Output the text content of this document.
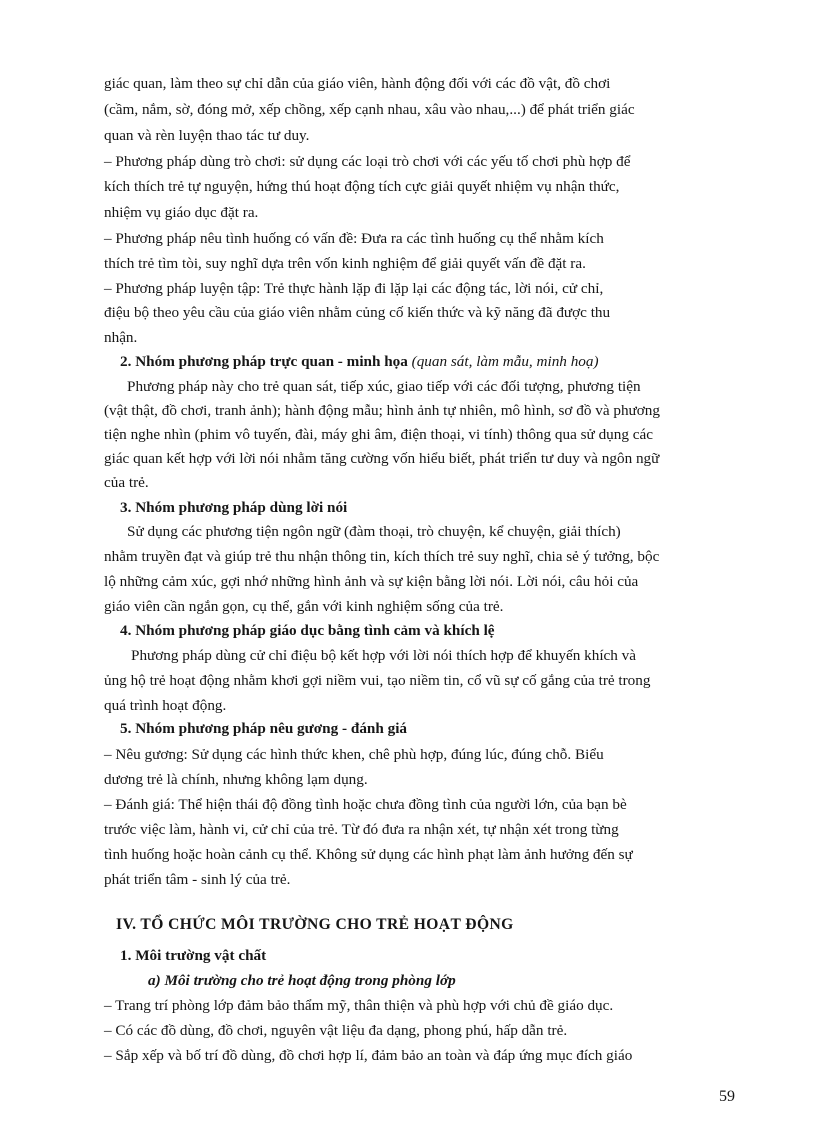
giác quan, làm theo sự chỉ dẫn của giáo viên, hành động đối với các đồ vật, đồ chơi

(cầm, nắm, sờ, đóng mở, xếp chồng, xếp cạnh nhau, xâu vào nhau,...) để phát triển giác

quan và rèn luyện thao tác tư duy.

– Phương pháp dùng trò chơi: sử dụng các loại trò chơi với các yếu tố chơi phù hợp để

kích thích trẻ tự nguyện, hứng thú hoạt động tích cực giải quyết nhiệm vụ nhận thức,

nhiệm vụ giáo dục đặt ra.

– Phương pháp nêu tình huống có vấn đề: Đưa ra các tình huống cụ thể nhằm kích

thích trẻ tìm tòi, suy nghĩ dựa trên vốn kinh nghiệm để giải quyết vấn đề đặt ra.

– Phương pháp luyện tập: Trẻ thực hành lặp đi lặp lại các động tác, lời nói, cử chỉ,

điệu bộ theo yêu cầu của giáo viên nhằm củng cố kiến thức và kỹ năng đã được thu

nhận.

2. Nhóm phương pháp trực quan - minh họa (quan sát, làm mẫu, minh hoạ)

Phương pháp này cho trẻ quan sát, tiếp xúc, giao tiếp với các đối tượng, phương tiện

(vật thật, đồ chơi, tranh ảnh); hành động mẫu; hình ảnh tự nhiên, mô hình, sơ đồ và phương

tiện nghe nhìn (phim vô tuyến, đài, máy ghi âm, điện thoại, vi tính) thông qua sử dụng các

giác quan kết hợp với lời nói nhằm tăng cường vốn hiểu biết, phát triển tư duy và ngôn ngữ

của trẻ.

3. Nhóm phương pháp dùng lời nói

Sử dụng các phương tiện ngôn ngữ (đàm thoại, trò chuyện, kể chuyện, giải thích)

nhằm truyền đạt và giúp trẻ thu nhận thông tin, kích thích trẻ suy nghĩ, chia sẻ ý tưởng, bộc

lộ những cảm xúc, gợi nhớ những hình ảnh và sự kiện bằng lời nói. Lời nói, câu hỏi của

giáo viên cần ngắn gọn, cụ thể, gắn với kinh nghiệm sống của trẻ.

4. Nhóm phương pháp giáo dục bằng tình cảm và khích lệ

Phương pháp dùng cử chỉ điệu bộ kết hợp với lời nói thích hợp để khuyến khích và

ủng hộ trẻ hoạt động nhằm khơi gợi niềm vui, tạo niềm tin, cổ vũ sự cố gắng của trẻ trong

quá trình hoạt động.

5. Nhóm phương pháp nêu gương - đánh giá

– Nêu gương: Sử dụng các hình thức khen, chê phù hợp, đúng lúc, đúng chỗ. Biểu

dương trẻ là chính, nhưng không lạm dụng.

– Đánh giá: Thể hiện thái độ đồng tình hoặc chưa đồng tình của người lớn, của bạn bè

trước việc làm, hành vi, cử chỉ của trẻ. Từ đó đưa ra nhận xét, tự nhận xét trong từng

tình huống hoặc hoàn cảnh cụ thể. Không sử dụng các hình phạt làm ảnh hưởng đến sự

phát triển tâm - sinh lý của trẻ.

IV. TỔ CHỨC MÔI TRƯỜNG CHO TRẺ HOẠT ĐỘNG

1. Môi trường vật chất

a) Môi trường cho trẻ hoạt động trong phòng lớp

– Trang trí phòng lớp đảm bảo thẩm mỹ, thân thiện và phù hợp với chủ đề giáo dục.

– Có các đồ dùng, đồ chơi, nguyên vật liệu đa dạng, phong phú, hấp dẫn trẻ.

– Sắp xếp và bố trí đồ dùng, đồ chơi hợp lí, đảm bảo an toàn và đáp ứng mục đích giáo

59
